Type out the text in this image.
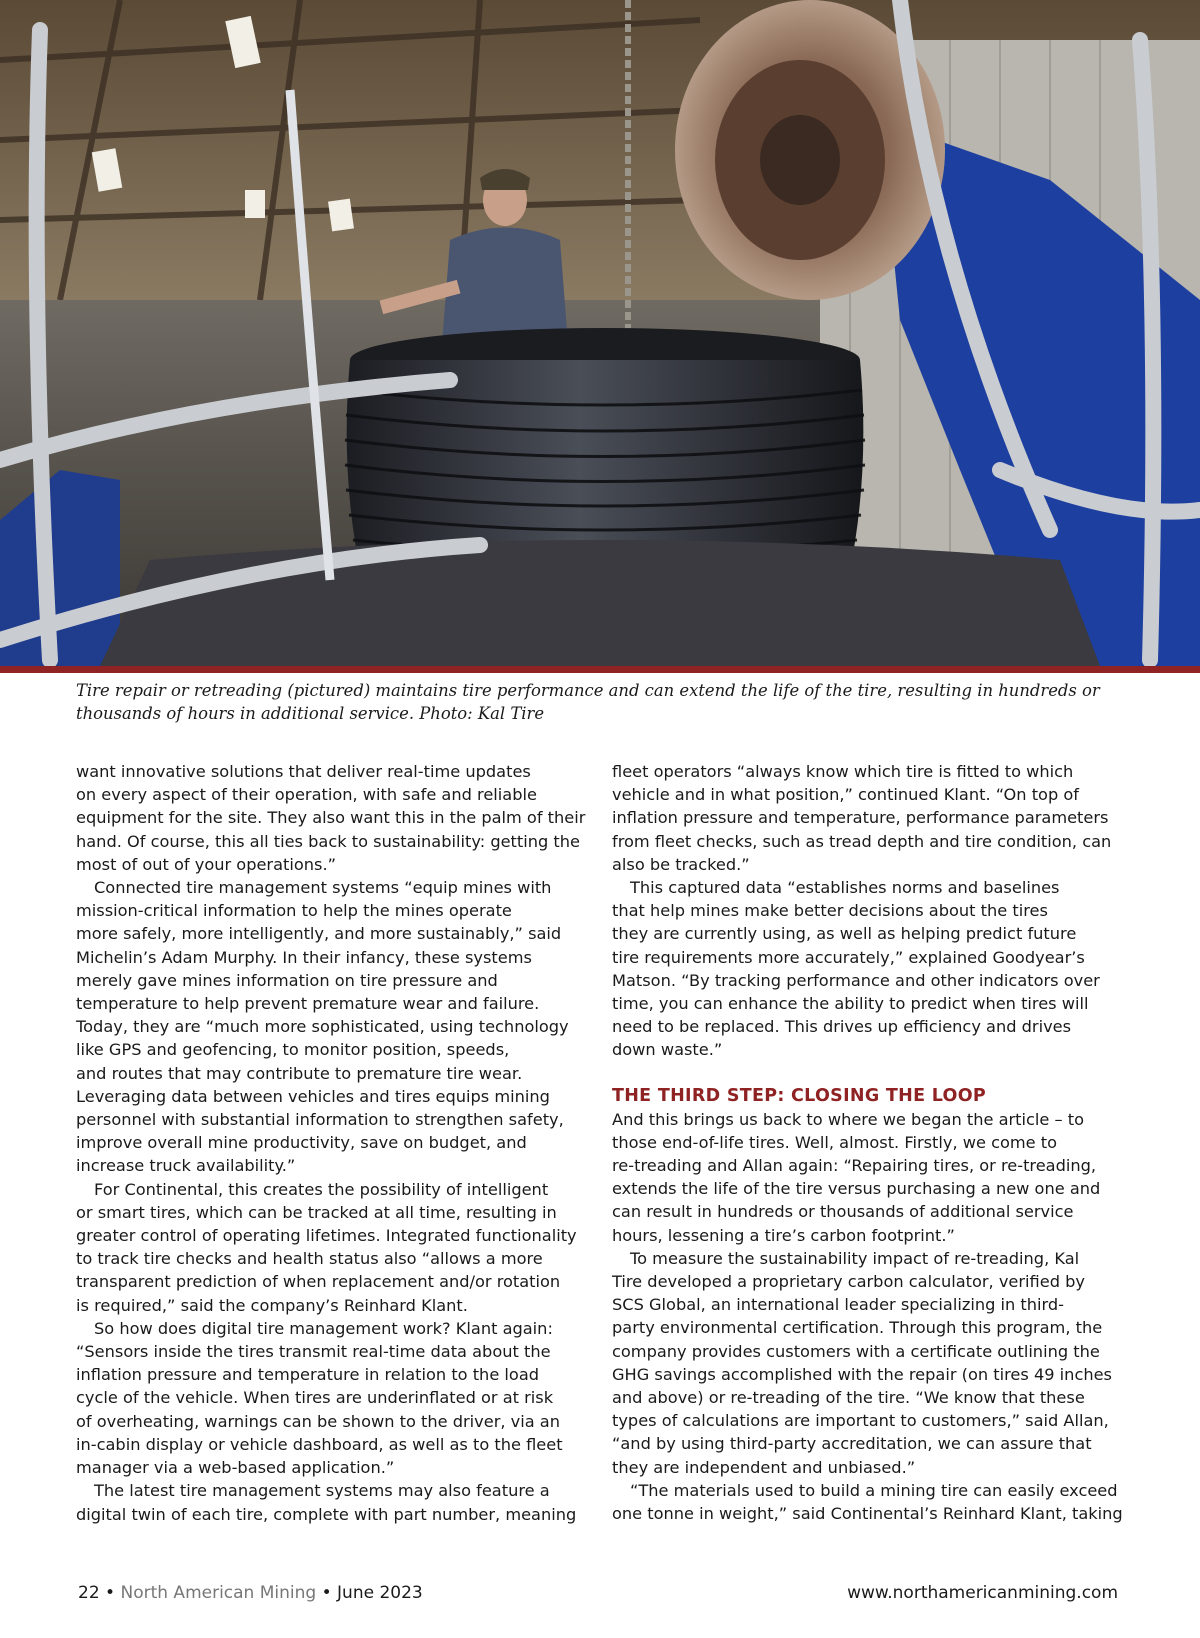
Tire repair or retreading (pictured) maintains tire performance and can extend the life of the tire, resulting in hundreds or thousands of hours in additional service. Photo: Kal Tire

want innovative solutions that deliver real-time updates
on every aspect of their operation, with safe and reliable
equipment for the site. They also want this in the palm of their
hand. Of course, this all ties back to sustainability: getting the
most of out of your operations.”

Connected tire management systems “equip mines with
mission-critical information to help the mines operate
more safely, more intelligently, and more sustainably,” said
Michelin’s Adam Murphy. In their infancy, these systems
merely gave mines information on tire pressure and
temperature to help prevent premature wear and failure.
Today, they are “much more sophisticated, using technology
like GPS and geofencing, to monitor position, speeds,
and routes that may contribute to premature tire wear.
Leveraging data between vehicles and tires equips mining
personnel with substantial information to strengthen safety,
improve overall mine productivity, save on budget, and
increase truck availability.”

For Continental, this creates the possibility of intelligent
or smart tires, which can be tracked at all time, resulting in
greater control of operating lifetimes. Integrated functionality
to track tire checks and health status also “allows a more
transparent prediction of when replacement and/or rotation
is required,” said the company’s Reinhard Klant.

So how does digital tire management work? Klant again:
“Sensors inside the tires transmit real-time data about the
inflation pressure and temperature in relation to the load
cycle of the vehicle. When tires are underinflated or at risk
of overheating, warnings can be shown to the driver, via an
in-cabin display or vehicle dashboard, as well as to the fleet
manager via a web-based application.”

The latest tire management systems may also feature a
digital twin of each tire, complete with part number, meaning

fleet operators “always know which tire is fitted to which
vehicle and in what position,” continued Klant. “On top of
inflation pressure and temperature, performance parameters
from fleet checks, such as tread depth and tire condition, can
also be tracked.”

This captured data “establishes norms and baselines
that help mines make better decisions about the tires
they are currently using, as well as helping predict future
tire requirements more accurately,” explained Goodyear’s
Matson. “By tracking performance and other indicators over
time, you can enhance the ability to predict when tires will
need to be replaced. This drives up efficiency and drives
down waste.”

THE THIRD STEP: CLOSING THE LOOP

And this brings us back to where we began the article – to
those end-of-life tires. Well, almost. Firstly, we come to
re-treading and Allan again: “Repairing tires, or re-treading,
extends the life of the tire versus purchasing a new one and
can result in hundreds or thousands of additional service
hours, lessening a tire’s carbon footprint.”

To measure the sustainability impact of re-treading, Kal
Tire developed a proprietary carbon calculator, verified by
SCS Global, an international leader specializing in third-
party environmental certification. Through this program, the
company provides customers with a certificate outlining the
GHG savings accomplished with the repair (on tires 49 inches
and above) or re-treading of the tire. “We know that these
types of calculations are important to customers,” said Allan,
“and by using third-party accreditation, we can assure that
they are independent and unbiased.”

“The materials used to build a mining tire can easily exceed
one tonne in weight,” said Continental’s Reinhard Klant, taking

22 • North American Mining • June 2023	www.northamericanmining.com
